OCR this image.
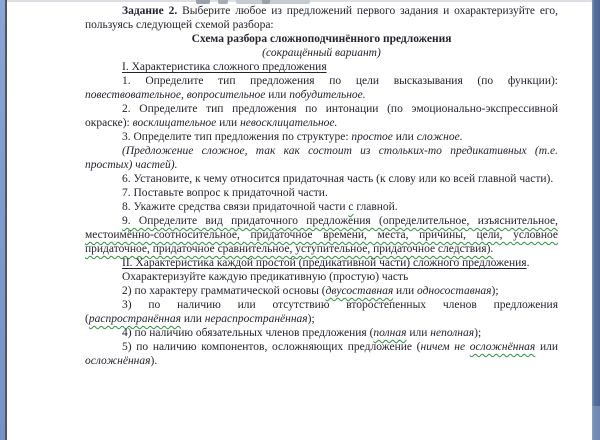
Задание 2. Выберите любое из предложений первого задания и охарактеризуйте его, пользуясь следующей схемой разбора:

Схема разбора сложноподчинённого предложения

(сокращённый вариант)

I. Характеристика сложного предложения

1. Определите тип предложения по цели высказывания (по функции): повествовательное, вопросительное или побудительное.

2. Определите тип предложения по интонации (по эмоционально-экспрессивной окраске): восклицательное или невосклицательное.

3. Определите тип предложения по структуре: простое или сложное.

(Предложение сложное, так как состоит из стольких-то предикативных (т.е. простых) частей).

6. Установите, к чему относится придаточная часть (к слову или ко всей главной части).

7. Поставьте вопрос к придаточной части.

8. Укажите средства связи придаточной части с главной.

9. Определите вид придаточного предложения (определительное, изъяснительное, местоимённо-соотносительное, придаточное времени, места, причины, цели, условное придаточное, придаточное сравнительное, уступительное, придаточное следствия).

II. Характеристика каждой простой (предикативной части) сложного предложения.

Охарактеризуйте каждую предикативную (простую) часть

2) по характеру грамматической основы (двусоставная или односоставная);

3) по наличию или отсутствию второстепенных членов предложения (распространённая или нераспространённая);

4) по наличию обязательных членов предложения (полная или неполная);

5) по наличию компонентов, осложняющих предложение (ничем не осложнённая или осложнённая).
